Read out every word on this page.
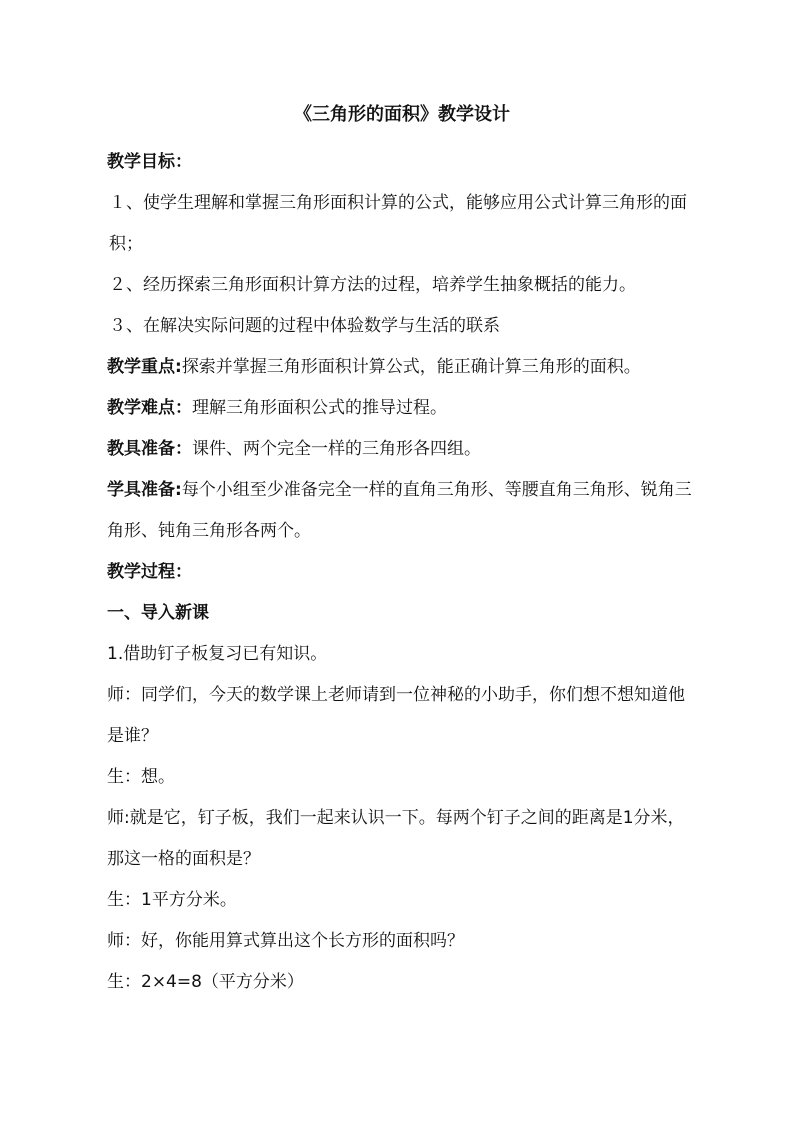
《三角形的面积》教学设计

教学目标：

１、使学生理解和掌握三角形面积计算的公式，能够应用公式计算三角形的面积；

２、经历探索三角形面积计算方法的过程，培养学生抽象概括的能力。

３、在解决实际问题的过程中体验数学与生活的联系

教学重点:探索并掌握三角形面积计算公式，能正确计算三角形的面积。

教学难点：理解三角形面积公式的推导过程。

教具准备：课件、两个完全一样的三角形各四组。

学具准备:每个小组至少准备完全一样的直角三角形、等腰直角三角形、锐角三角形、钝角三角形各两个。

教学过程：

一、导入新课

1.借助钉子板复习已有知识。

师：同学们，今天的数学课上老师请到一位神秘的小助手，你们想不想知道他是谁？

生：想。

师:就是它，钉子板，我们一起来认识一下。每两个钉子之间的距离是1分米，那这一格的面积是？

生：1平方分米。

师：好，你能用算式算出这个长方形的面积吗？

生：2×4=8（平方分米）
